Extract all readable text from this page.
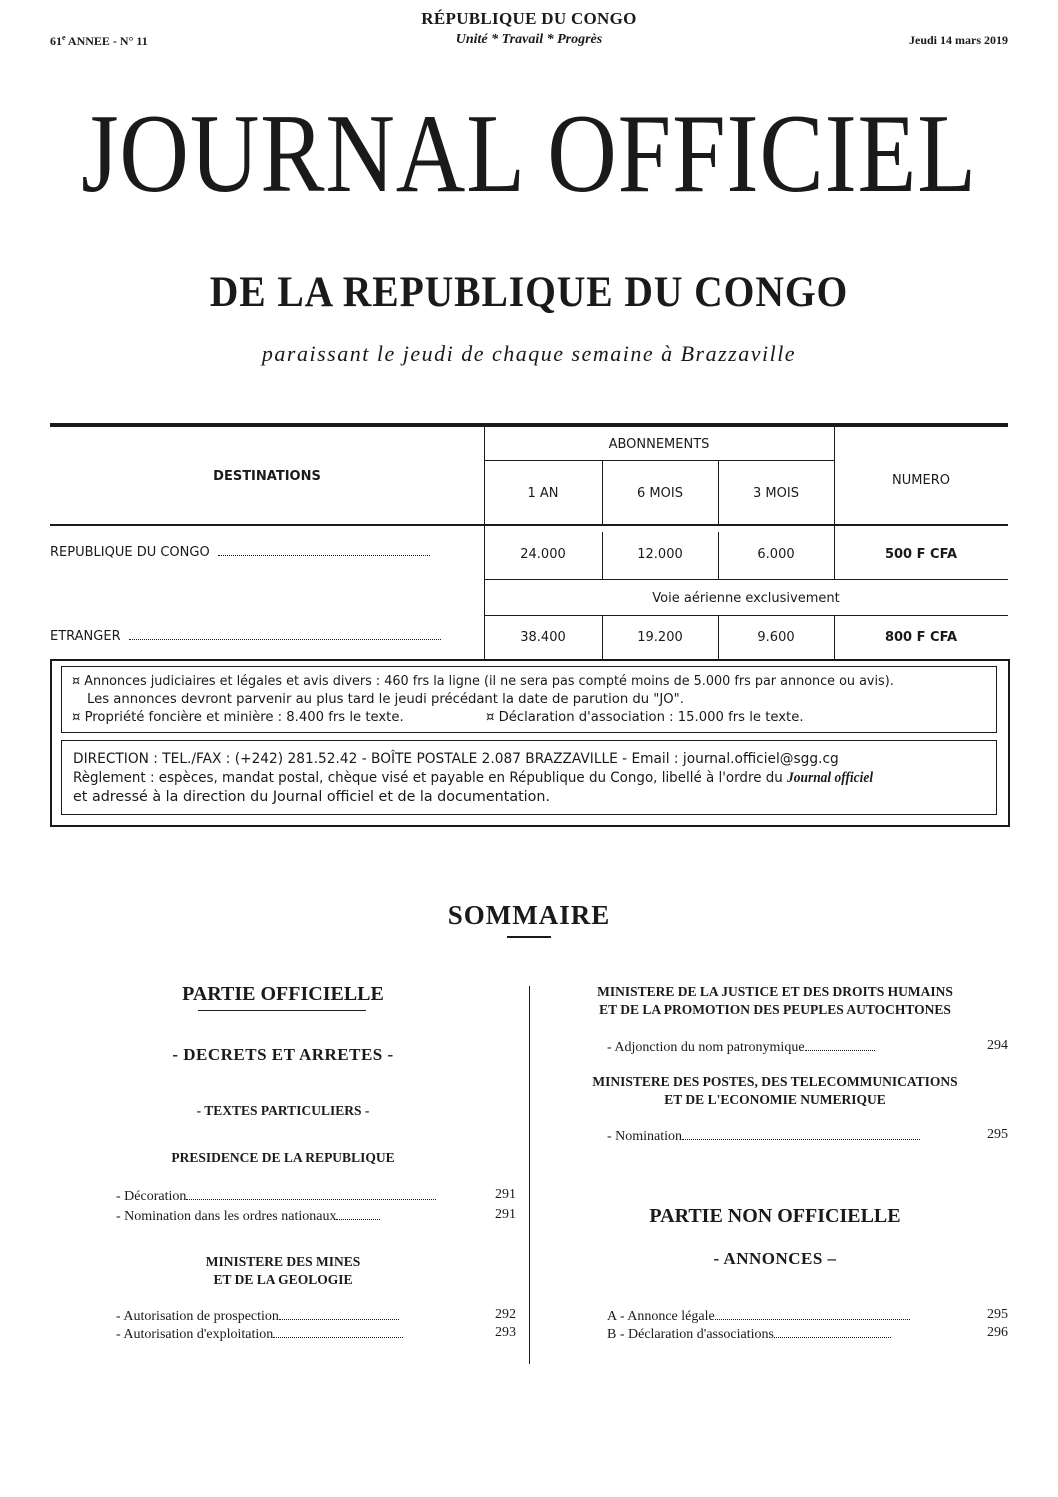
RÉPUBLIQUE DU CONGO
61e ANNEE - N° 11	Unité * Travail * Progrès	Jeudi 14 mars 2019
JOURNAL OFFICIEL
DE LA REPUBLIQUE DU CONGO
paraissant le jeudi de chaque semaine à Brazzaville
DESTINATIONS
ABONNEMENTS
NUMERO
1 AN	6 MOIS	3 MOIS
REPUBLIQUE DU CONGO	24.000	12.000	6.000	500 F CFA
Voie aérienne exclusivement
ETRANGER	38.400	19.200	9.600	800 F CFA
¤ Annonces judiciaires et légales et avis divers : 460 frs la ligne (il ne sera pas compté moins de 5.000 frs par annonce ou avis).
Les annonces devront parvenir au plus tard le jeudi précédant la date de parution du "JO".
¤ Propriété foncière et minière : 8.400 frs le texte.	¤ Déclaration d'association : 15.000 frs le texte.
DIRECTION : TEL./FAX : (+242) 281.52.42 - BOÎTE POSTALE 2.087 BRAZZAVILLE - Email : journal.officiel@sgg.cg
Règlement : espèces, mandat postal, chèque visé et payable en République du Congo, libellé à l'ordre du Journal officiel
et adressé à la direction du Journal officiel et de la documentation.
SOMMAIRE
PARTIE OFFICIELLE
- DECRETS ET ARRETES -
- TEXTES PARTICULIERS -
PRESIDENCE DE LA REPUBLIQUE
- Décoration	291
- Nomination dans les ordres nationaux	291
MINISTERE DES MINES
ET DE LA GEOLOGIE
- Autorisation de prospection	292
- Autorisation d'exploitation	293
MINISTERE DE LA JUSTICE ET DES DROITS HUMAINS
ET DE LA PROMOTION DES PEUPLES AUTOCHTONES
- Adjonction du nom patronymique	294
MINISTERE DES POSTES, DES TELECOMMUNICATIONS
ET DE L'ECONOMIE NUMERIQUE
- Nomination	295
PARTIE NON OFFICIELLE
- ANNONCES –
A - Annonce légale	295
B - Déclaration d'associations	296
